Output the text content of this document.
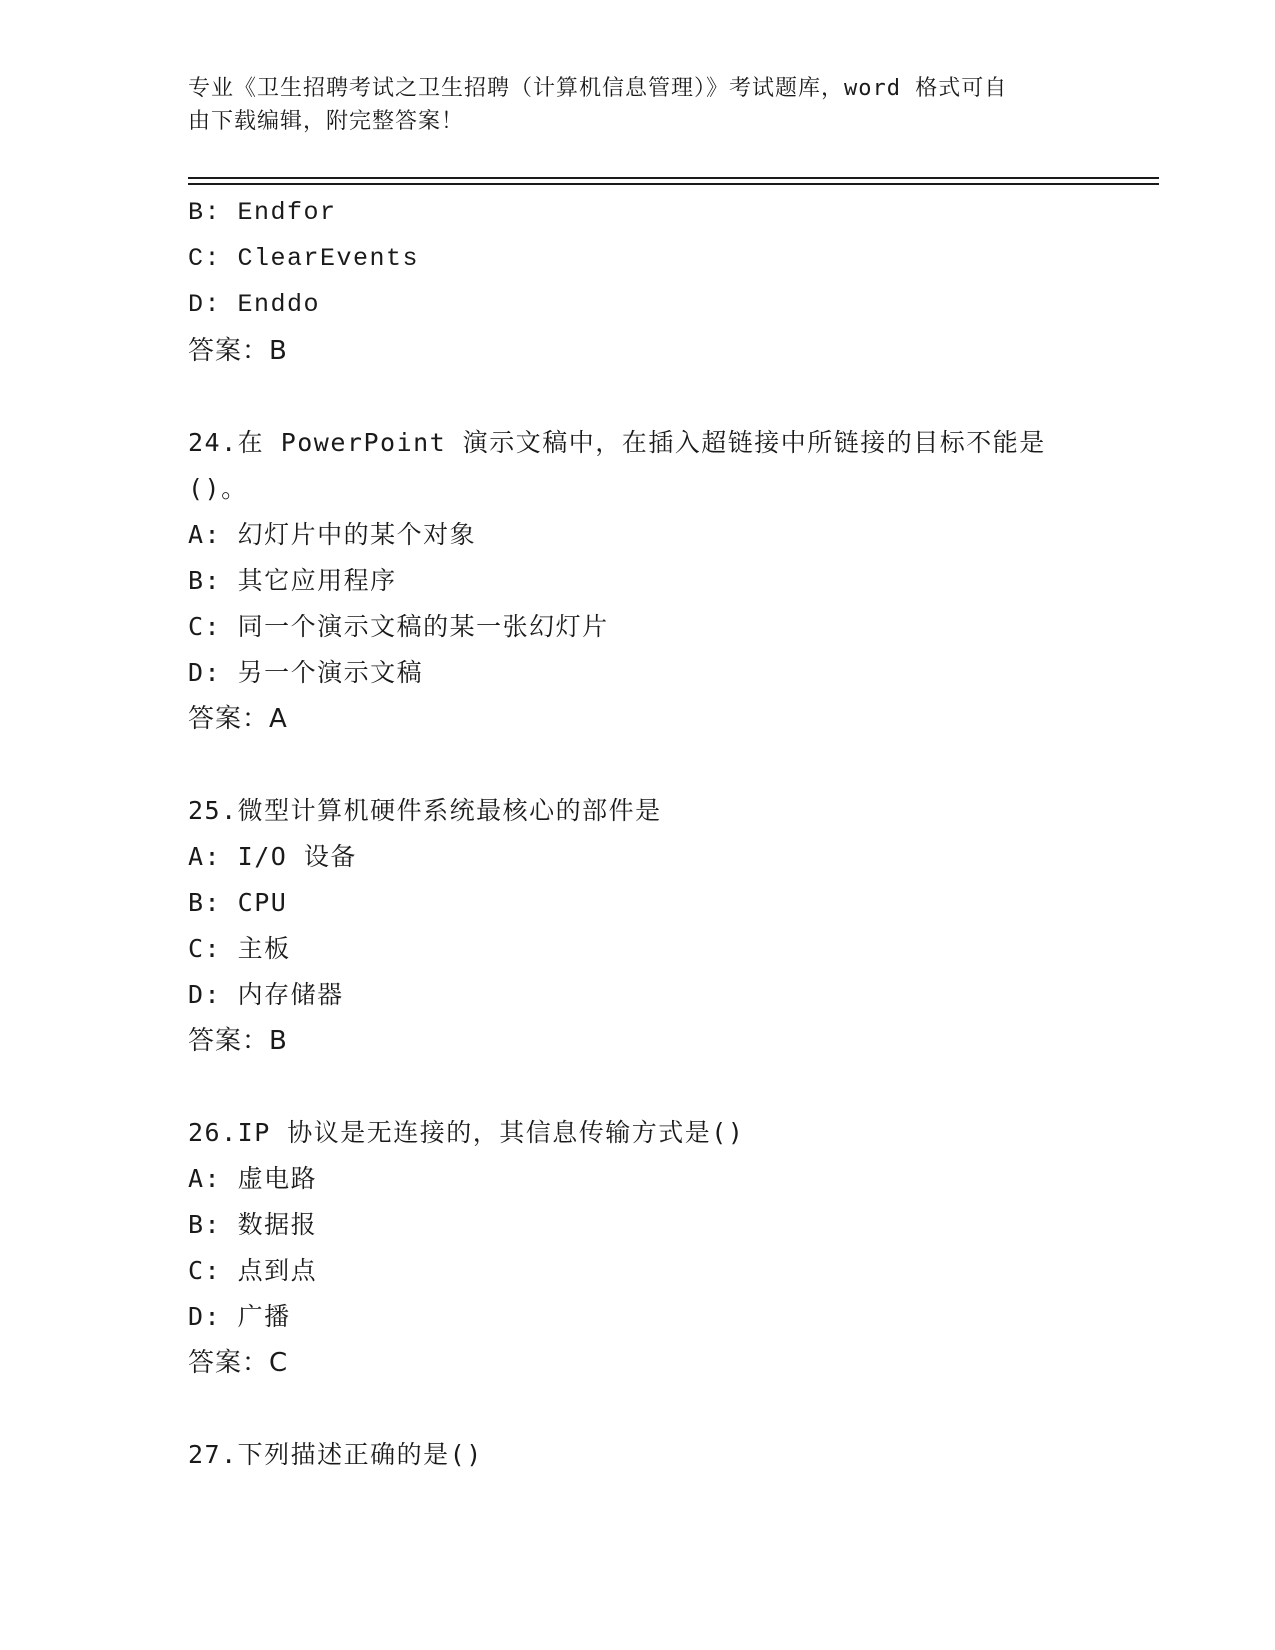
专业《卫生招聘考试之卫生招聘（计算机信息管理）》考试题库，word 格式可自
由下载编辑，附完整答案！
B: Endfor
C: ClearEvents
D: Enddo
答案：B
24.在 PowerPoint 演示文稿中，在插入超链接中所链接的目标不能是
()。
A: 幻灯片中的某个对象
B: 其它应用程序
C: 同一个演示文稿的某一张幻灯片
D: 另一个演示文稿
答案：A
25.微型计算机硬件系统最核心的部件是
A: I/O 设备
B: CPU
C: 主板
D: 内存储器
答案：B
26.IP 协议是无连接的，其信息传输方式是()
A: 虚电路
B: 数据报
C: 点到点
D: 广播
答案：C
27.下列描述正确的是()
